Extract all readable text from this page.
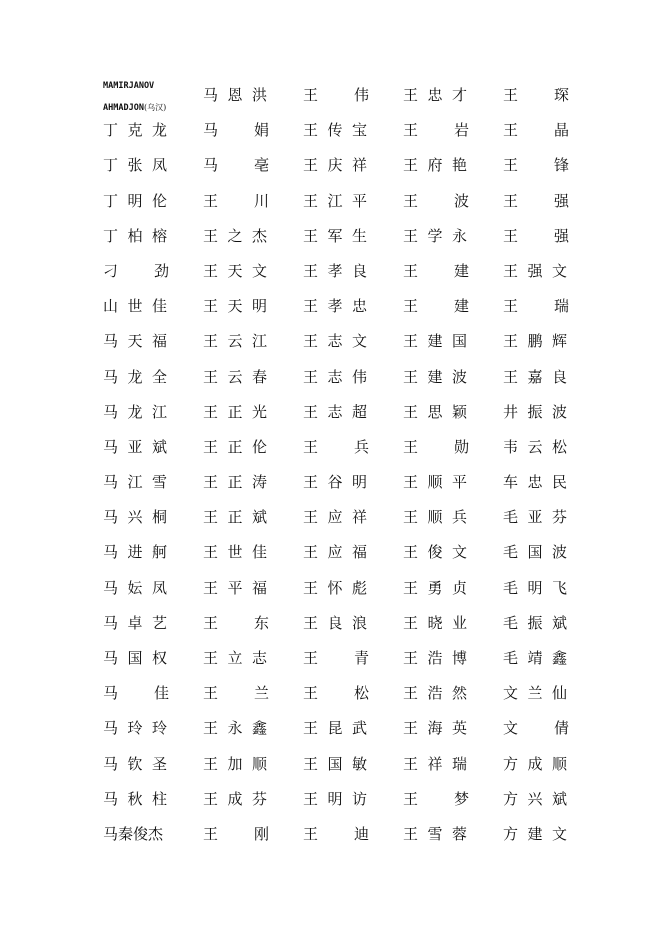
MAMIRJANOV
AHMADJON(乌汉)
马 恩 洪 王 伟 王 忠 才 王 琛
丁 克 龙 马 娟 王 传 宝 王 岩 王 晶
丁 张 凤 马 亳 王 庆 祥 王 府 艳 王 锋
丁 明 伦 王 川 王 江 平 王 波 王 强
丁 柏 榕 王 之 杰 王 军 生 王 学 永 王 强
刁 劲 王 天 文 王 孝 良 王 建 王 强 文
山 世 佳 王 天 明 王 孝 忠 王 建 王 瑞
马 天 福 王 云 江 王 志 文 王 建 国 王 鹏 辉
马 龙 全 王 云 春 王 志 伟 王 建 波 王 嘉 良
马 龙 江 王 正 光 王 志 超 王 思 颖 井 振 波
马 亚 斌 王 正 伦 王 兵 王 勋 韦 云 松
马 江 雪 王 正 涛 王 谷 明 王 顺 平 车 忠 民
马 兴 桐 王 正 斌 王 应 祥 王 顺 兵 毛 亚 芬
马 进 舸 王 世 佳 王 应 福 王 俊 文 毛 国 波
马 妘 凤 王 平 福 王 怀 彪 王 勇 贞 毛 明 飞
马 卓 艺 王 东 王 良 浪 王 晓 业 毛 振 斌
马 国 权 王 立 志 王 青 王 浩 博 毛 靖 鑫
马 佳 王 兰 王 松 王 浩 然 文 兰 仙
马 玲 玲 王 永 鑫 王 昆 武 王 海 英 文 倩
马 钦 圣 王 加 顺 王 国 敏 王 祥 瑞 方 成 顺
马 秋 柱 王 成 芬 王 明 访 王 梦 方 兴 斌
马秦俊杰	王 刚 王 迪 王 雪 蓉 方 建 文
